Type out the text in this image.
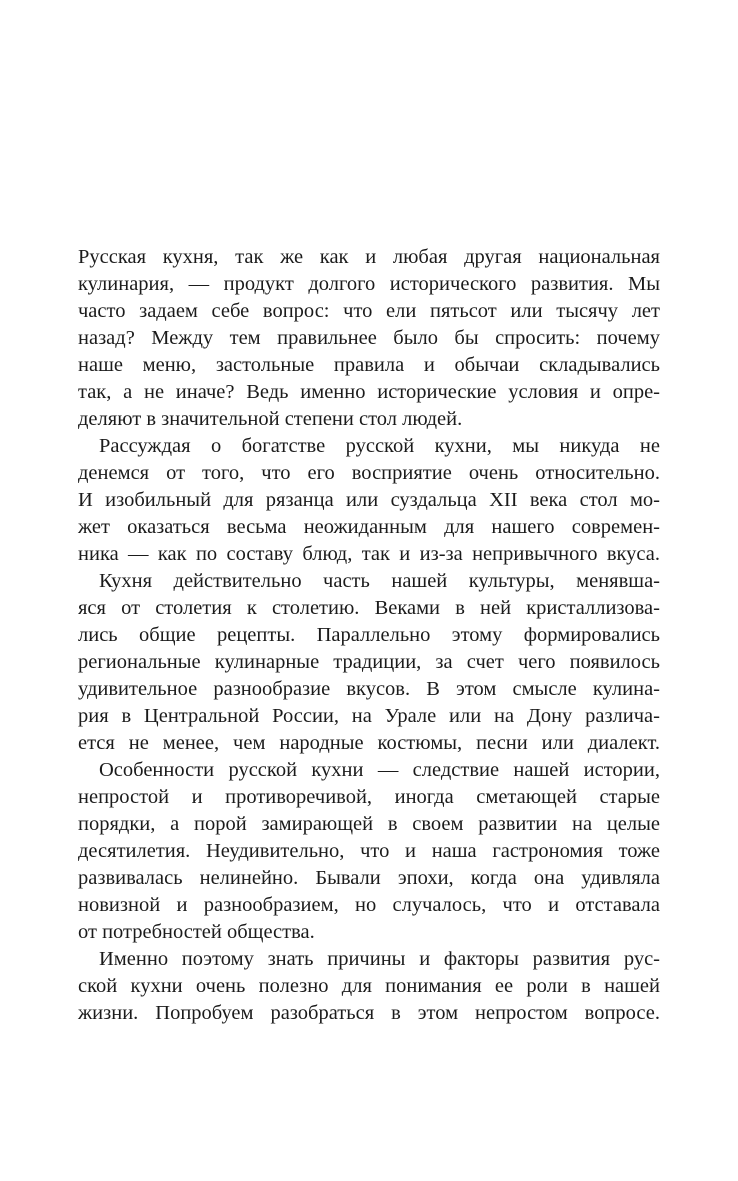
Русская кухня, так же как и любая другая национальная
кулинария, — продукт долгого исторического развития. Мы
часто задаем себе вопрос: что ели пятьсот или тысячу лет
назад? Между тем правильнее было бы спросить: почему
наше меню, застольные правила и обычаи складывались
так, а не иначе? Ведь именно исторические условия и опре-
деляют в значительной степени стол людей.
Рассуждая о богатстве русской кухни, мы никуда не
денемся от того, что его восприятие очень относительно.
И изобильный для рязанца или суздальца XII века стол мо-
жет оказаться весьма неожиданным для нашего современ-
ника — как по составу блюд, так и из-за непривычного вкуса.
Кухня действительно часть нашей культуры, менявша-
яся от столетия к столетию. Веками в ней кристаллизова-
лись общие рецепты. Параллельно этому формировались
региональные кулинарные традиции, за счет чего появилось
удивительное разнообразие вкусов. В этом смысле кулина-
рия в Центральной России, на Урале или на Дону различа-
ется не менее, чем народные костюмы, песни или диалект.
Особенности русской кухни — следствие нашей истории,
непростой и противоречивой, иногда сметающей старые
порядки, а порой замирающей в своем развитии на целые
десятилетия. Неудивительно, что и наша гастрономия тоже
развивалась нелинейно. Бывали эпохи, когда она удивляла
новизной и разнообразием, но случалось, что и отставала
от потребностей общества.
Именно поэтому знать причины и факторы развития рус-
ской кухни очень полезно для понимания ее роли в нашей
жизни. Попробуем разобраться в этом непростом вопросе.
